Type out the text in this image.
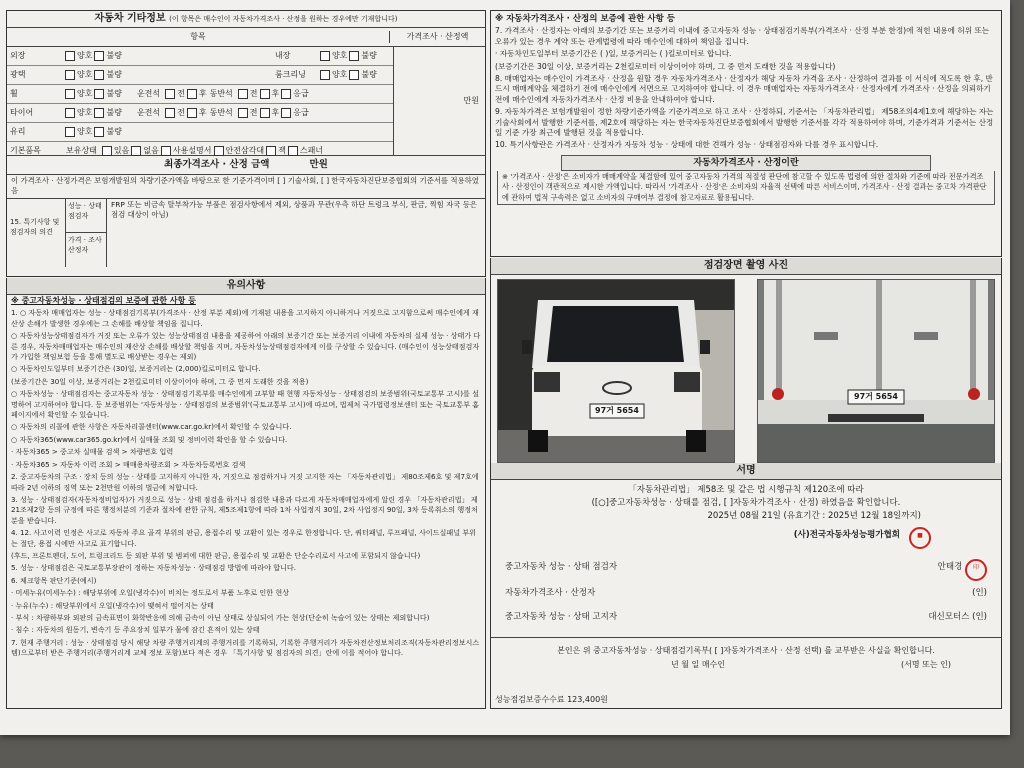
자동차 기타정보 (이 항목은 매수인이 자동차가격조사 · 산정을 원하는 경우에만 기재합니다)
항목	가격조사 · 산정액
외장	양호 불량	내장	양호 불량
광택	양호 불량	룸크리닝	양호 불량
휠	양호 불량	운전석	전 후 동반석	전 후 응급
타이어	양호 불량	운전석	전 후 동반석	전 후 응급
유리	양호 불량
기본품목	보유상태	있음 없음 사용설명서 안전삼각대 잭 스패너
만원
최종가격조사 · 산정 금액	만원
이 가격조사 · 산정가격은 보험개발원의 차량기준가액을 바탕으로 한 기준가격이며 [ ] 기술사회, [ ] 한국자동차진단보증협회의 기준서를 적용하였음
15. 특기사항 및 점검자의 의견
성능 · 상태 점검자
가격 · 조사 산정자
FRP 또는 비금속 탈부착가능 부품은 점검사항에서 제외, 상품과 무관(우측 하단 트렁크 부식, 판금, 찍힘 자국 등은 점검 대상이 아님)
유의사항
※ 중고자동차성능 · 상태점검의 보증에 관한 사항 등
1. ○ 자동차 매매업자는 성능 · 상태점검기록부(가격조사 · 산정 부분 제외)에 기재된 내용을 고지하지 아니하거나 거짓으로 고지함으로써 매수인에게 재산상 손해가 발생한 경우에는 그 손해를 배상할 책임을 집니다.
○ 자동차성능상태점검자가 거짓 또는 오류가 있는 성능상태점검 내용을 제공하여 아래의 보증기간 또는 보증거리 이내에 자동차의 실제 성능 · 상태가 다른 경우, 자동차매매업자는 매수인의 재산상 손해를 배상할 책임을 지며, 자동차성능상태점검자에게 이를 구상할 수 있습니다. (매수인이 성능상태점검자가 가입한 책임보험 등을 통해 별도로 배상받는 경우는 제외)
○ 자동차인도일부터 보증기간은 (30)일, 보증거리는 (2,000)킬로미터로 합니다.
(보증기간은 30일 이상, 보증거리는 2천킬로미터 이상이어야 하며, 그 중 먼저 도래한 것을 적용)
○ 자동차성능 · 상태점검자는 중고자동차 성능 · 상태점검기록부를 매수인에게 교부할 때 현행 자동차성능 · 상태점검의 보증범위(국토교통부 고시)를 설명하여 고지하여야 합니다. 등 보증범위는 '자동차성능 · 상태점검의 보증범위'(국토교통부 고시)에 따르며, 법제처 국가법령정보센터 또는 국토교통부 홈페이지에서 확인할 수 있습니다.
○ 자동차의 리콜에 관한 사항은 자동차리콜센터(www.car.go.kr)에서 확인할 수 있습니다.
○ 자동차365(www.car365.go.kr)에서 실매물 조회 및 정비이력 확인을 할 수 있습니다.
· 자동차365 > 중고차 실매물 검색 > 차량번호 입력
· 자동차365 > 자동차 이력 조회 > 매매용차량조회 > 자동차등록번호 검색
2. 중고자동차의 구조 · 장치 등의 성능 · 상태를 고지하지 아니한 자, 거짓으로 점검하거나 거짓 고지한 자는 「자동차관리법」 제80조제6호 및 제7호에 따라 2년 이하의 징역 또는 2천만원 이하의 벌금에 처합니다.
3. 성능 · 상태점검자(자동차정비업자)가 거짓으로 성능 · 상태 점검을 하거나 점검한 내용과 다르게 자동차매매업자에게 알린 경우 「자동차관리법」 제21조제2항 등의 규정에 따른 행정처분의 기준과 절차에 관한 규칙, 제5조제1항에 따라 1차 사업정지 30일, 2차 사업정지 90일, 3차 등록취소의 행정처분을 받습니다.
4. 12. 사고이력 인정은 사고로 자동차 주요 골격 부위의 판금, 용접수리 및 교환이 있는 경우로 한정합니다. 단, 쿼터패널, 루프패널, 사이드실패널 부위는 절단, 용접 시에만 사고로 표기합니다.
(후드, 프론트펜더, 도어, 트렁크리드 등 외판 부위 및 범퍼에 대한 판금, 용접수리 및 교환은 단순수리로서 사고에 포함되지 않습니다)
5. 성능 · 상태점검은 국토교통부장관이 정하는 자동차성능 · 상태점검 방법에 따라야 합니다.
6. 체크항목 판단기준(예시)
· 미세누유(미세누수) : 해당부위에 오일(냉각수)이 비치는 정도로서 부품 노후로 인한 현상
· 누유(누수) : 해당부위에서 오일(냉각수)이 맺혀서 떨어지는 상태
· 부식 : 차량하부와 외판의 금속표면이 화학반응에 의해 금속이 아닌 상태로 상실되어 가는 현상(단순히 녹슬어 있는 상태는 제외합니다)
· 침수 : 자동차의 원동기, 변속기 등 주요장치 일부가 물에 잠긴 흔적이 있는 상태
7. 현재 주행거리 : 성능 · 상태점검 당시 해당 차량 주행거리계의 주행거리를 기록하되, 기록한 주행거리가 자동차전산정보처리조직(자동차관리정보시스템)으로부터 받은 주행거리(주행거리계 교체 정보 포함)보다 적은 경우 「특기사항 및 점검자의 의견」란에 이를 적어야 합니다.
※ 자동차가격조사 · 산정의 보증에 관한 사항 등
7. 가격조사 · 산정자는 아래의 보증기간 또는 보증거리 이내에 중고자동차 성능 · 상태점검기록부(가격조사 · 산정 부분 한정)에 적힌 내용에 허위 또는 오류가 있는 경우 계약 또는 관계법령에 따라 매수인에 대하여 책임을 집니다.
· 자동차인도일부터 보증기간은 ( )일, 보증거리는 ( )킬로미터로 합니다.
(보증기간은 30일 이상, 보증거리는 2천킬로미터 이상이어야 하며, 그 중 먼저 도래한 것을 적용합니다)
8. 매매업자는 매수인이 가격조사 · 산정을 원할 경우 자동차가격조사 · 산정자가 해당 자동차 가격을 조사 · 산정하여 결과를 이 서식에 적도록 한 후, 반드시 매매계약을 체결하기 전에 매수인에게 서면으로 고지하여야 합니다. 이 경우 매매업자는 자동차가격조사 · 산정자에게 가격조사 · 산정을 의뢰하기 전에 매수인에게 자동차가격조사 · 산정 비용을 안내하여야 합니다.
9. 자동차가격은 보험개발원이 정한 차량기준가액을 기준가격으로 하고 조사 · 산정하되, 기준서는 「자동차관리법」 제58조의4제1호에 해당하는 자는 기술사회에서 발행한 기준서를, 제2호에 해당하는 자는 한국자동차진단보증협회에서 발행한 기준서를 각각 적용하여야 하며, 기준가격과 기준서는 산정일 기준 가장 최근에 발행된 것을 적용합니다.
10. 특기사항란은 가격조사 · 산정자가 자동차 성능 · 상태에 대한 견해가 성능 · 상태점검자와 다를 경우 표시합니다.
자동차가격조사 · 산정이란
※ '가격조사 · 산정'은 소비자가 매매계약을 체결함에 있어 중고자동차 가격의 적절성 판단에 참고할 수 있도록 법령에 의한 절차와 기준에 따라 전문가격조사 · 산정인이 객관적으로 제시한 가액입니다. 따라서 '가격조사 · 산정'은 소비자의 자율적 선택에 따른 서비스이며, 가격조사 · 산정 결과는 중고차 가격판단에 관하여 법적 구속력은 없고 소비자의 구매여부 결정에 참고자료로 활용됩니다.
점검장면 촬영 사진
97거 5654
97거 5654
서명
「자동차관리법」 제58조 및 같은 법 시행규칙 제120조에 따라
([○]중고자동차성능 · 상태를 점검, [ ]자동차가격조사 · 산정) 하였음을 확인합니다.
2025년 08월 21일 (유효기간 : 2025년 12월 18일까지)
(사)전국자동차성능평가협회	■
중고자동차 성능 · 상태 점검자	안태경 印
자동차가격조사 · 산정자	(인)
중고자동차 성능 · 상태 고지자	대신모터스 (인)
본인은 위 중고자동차성능 · 상태점검기록부( [ ]자동차가격조사 · 산정 선택) 를 교부받은 사실을 확인합니다.
년 월 일 매수인	(서명 또는 인)
성능점검보증수수료 123,400원
